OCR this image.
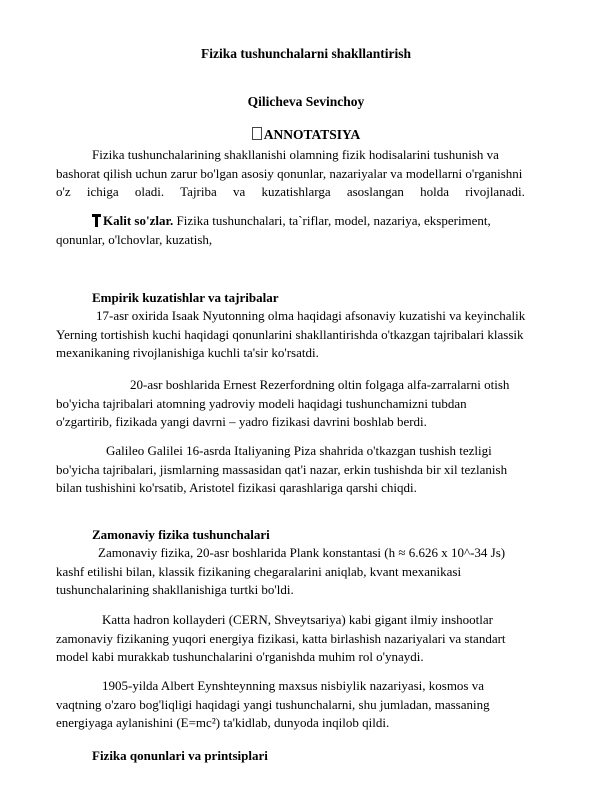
Fizika tushunchalarni shakllantirish
Qilicheva Sevinchoy
ANNOTATSIYA
Fizika tushunchalarining shakllanishi olamning fizik hodisalarini tushunish va
bashorat qilish uchun zarur bo'lgan asosiy qonunlar, nazariyalar va modellarni o'rganishni
o'z ichiga oladi. Tajriba va kuzatishlarga asoslangan holda rivojlanadi.
Kalit so'zlar. Fizika tushunchalari, ta`riflar, model, nazariya, eksperiment,
qonunlar, o'lchovlar, kuzatish,
Empirik kuzatishlar va tajribalar
17-asr oxirida Isaak Nyutonning olma haqidagi afsonaviy kuzatishi va keyinchalik
Yerning tortishish kuchi haqidagi qonunlarini shakllantirishda o'tkazgan tajribalari klassik
mexanikaning rivojlanishiga kuchli ta'sir ko'rsatdi.
20-asr boshlarida Ernest Rezerfordning oltin folgaga alfa-zarralarni otish
bo'yicha tajribalari atomning yadroviy modeli haqidagi tushunchamizni tubdan
o'zgartirib, fizikada yangi davrni – yadro fizikasi davrini boshlab berdi.
Galileo Galilei 16-asrda Italiyaning Piza shahrida o'tkazgan tushish tezligi
bo'yicha tajribalari, jismlarning massasidan qat'i nazar, erkin tushishda bir xil tezlanish
bilan tushishini ko'rsatib, Aristotel fizikasi qarashlariga qarshi chiqdi.
Zamonaviy fizika tushunchalari
Zamonaviy fizika, 20-asr boshlarida Plank konstantasi (h ≈ 6.626 x 10^-34 Js)
kashf etilishi bilan, klassik fizikaning chegaralarini aniqlab, kvant mexanikasi
tushunchalarining shakllanishiga turtki bo'ldi.
Katta hadron kollayderi (CERN, Shveytsariya) kabi gigant ilmiy inshootlar
zamonaviy fizikaning yuqori energiya fizikasi, katta birlashish nazariyalari va standart
model kabi murakkab tushunchalarini o'rganishda muhim rol o'ynaydi.
1905-yilda Albert Eynshteynning maxsus nisbiylik nazariyasi, kosmos va
vaqtning o'zaro bog'liqligi haqidagi yangi tushunchalarni, shu jumladan, massaning
energiyaga aylanishini (E=mc²) ta'kidlab, dunyoda inqilob qildi.
Fizika qonunlari va printsiplari
